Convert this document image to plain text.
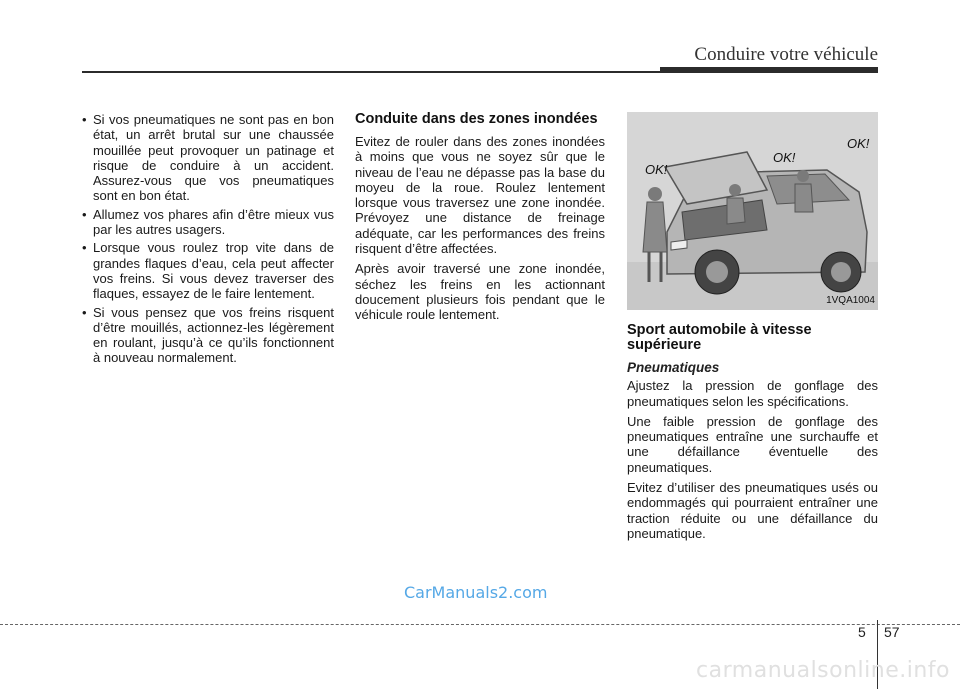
Conduire votre véhicule
• Si vos pneumatiques ne sont pas en bon état, un arrêt brutal sur une chaussée mouillée peut provoquer un patinage et risque de conduire à un accident. Assurez-vous que vos pneumatiques sont en bon état.
• Allumez vos phares afin d’être mieux vus par les autres usagers.
• Lorsque vous roulez trop vite dans de grandes flaques d’eau, cela peut affecter vos freins. Si vous devez traverser des flaques, essayez de le faire lentement.
• Si vous pensez que vos freins risquent d’être mouillés, actionnez-les légèrement en roulant, jusqu’à ce qu’ils fonctionnent à nouveau normalement.
Conduite dans des zones inondées

Evitez de rouler dans des zones inondées à moins que vous ne soyez sûr que le niveau de l’eau ne dépasse pas la base du moyeu de la roue. Roulez lentement lorsque vous traversez une zone inondée. Prévoyez une distance de freinage adéquate, car les performances des freins risquent d’être affectées.

Après avoir traversé une zone inondée, séchez les freins en les actionnant doucement plusieurs fois pendant que le véhicule roule lentement.

OK!
OK!
OK!
1VQA1004
Sport automobile à vitesse supérieure
Pneumatiques

Ajustez la pression de gonflage des pneumatiques selon les spécifications.

Une faible pression de gonflage des pneumatiques entraîne une surchauffe et une défaillance éventuelle des pneumatiques.

Evitez d’utiliser des pneumatiques usés ou endommagés qui pourraient entraîner une traction réduite ou une défaillance du pneumatique.

CarManuals2.com
5 57
carmanualsonline.info
